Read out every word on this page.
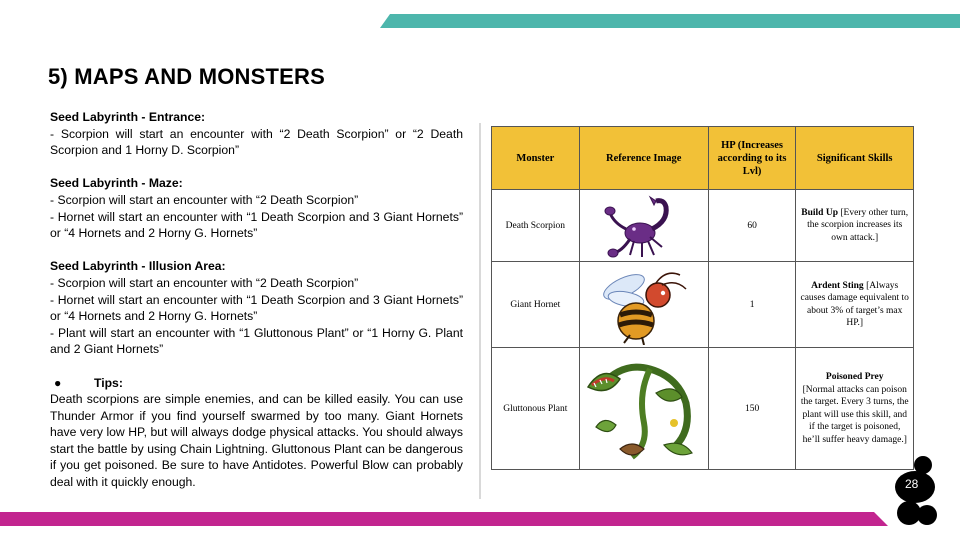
5) MAPS AND MONSTERS

Seed Labyrinth - Entrance:

- Scorpion will start an encounter with “2 Death Scorpion” or “2 Death Scorpion and 1 Horny D. Scorpion”

Seed Labyrinth - Maze:

- Scorpion will start an encounter with “2 Death Scorpion”

- Hornet will start an encounter with “1 Death Scorpion and 3 Giant Hornets” or “4 Hornets and 2 Horny G. Hornets”

Seed Labyrinth - Illusion Area:

- Scorpion will start an encounter with “2 Death Scorpion”

- Hornet will start an encounter with “1 Death Scorpion and 3 Giant Hornets” or “4 Hornets and 2 Horny G. Hornets”

- Plant will start an encounter with “1 Gluttonous Plant” or “1 Horny G. Plant and 2 Giant Hornets”

●	Tips:

Death scorpions are simple enemies, and can be killed easily. You can use Thunder Armor if you find yourself swarmed by too many. Giant Hornets have very low HP, but will always dodge physical attacks. You should always start the battle by using Chain Lightning. Gluttonous Plant can be dangerous if you get poisoned. Be sure to have Antidotes. Powerful Blow can probably deal with it quickly enough.

Monster	Reference Image	HP (Increases according to its Lvl)	Significant Skills
Death Scorpion		60	Build Up [Every other turn, the scorpion increases its own attack.]
Giant Hornet		1	Ardent Sting [Always causes damage equivalent to about 3% of target’s max HP.]
Gluttonous Plant		150	Poisoned Prey
[Normal attacks can poison the target. Every 3 turns, the plant will use this skill, and if the target is poisoned, he’ll suffer heavy damage.]
28
